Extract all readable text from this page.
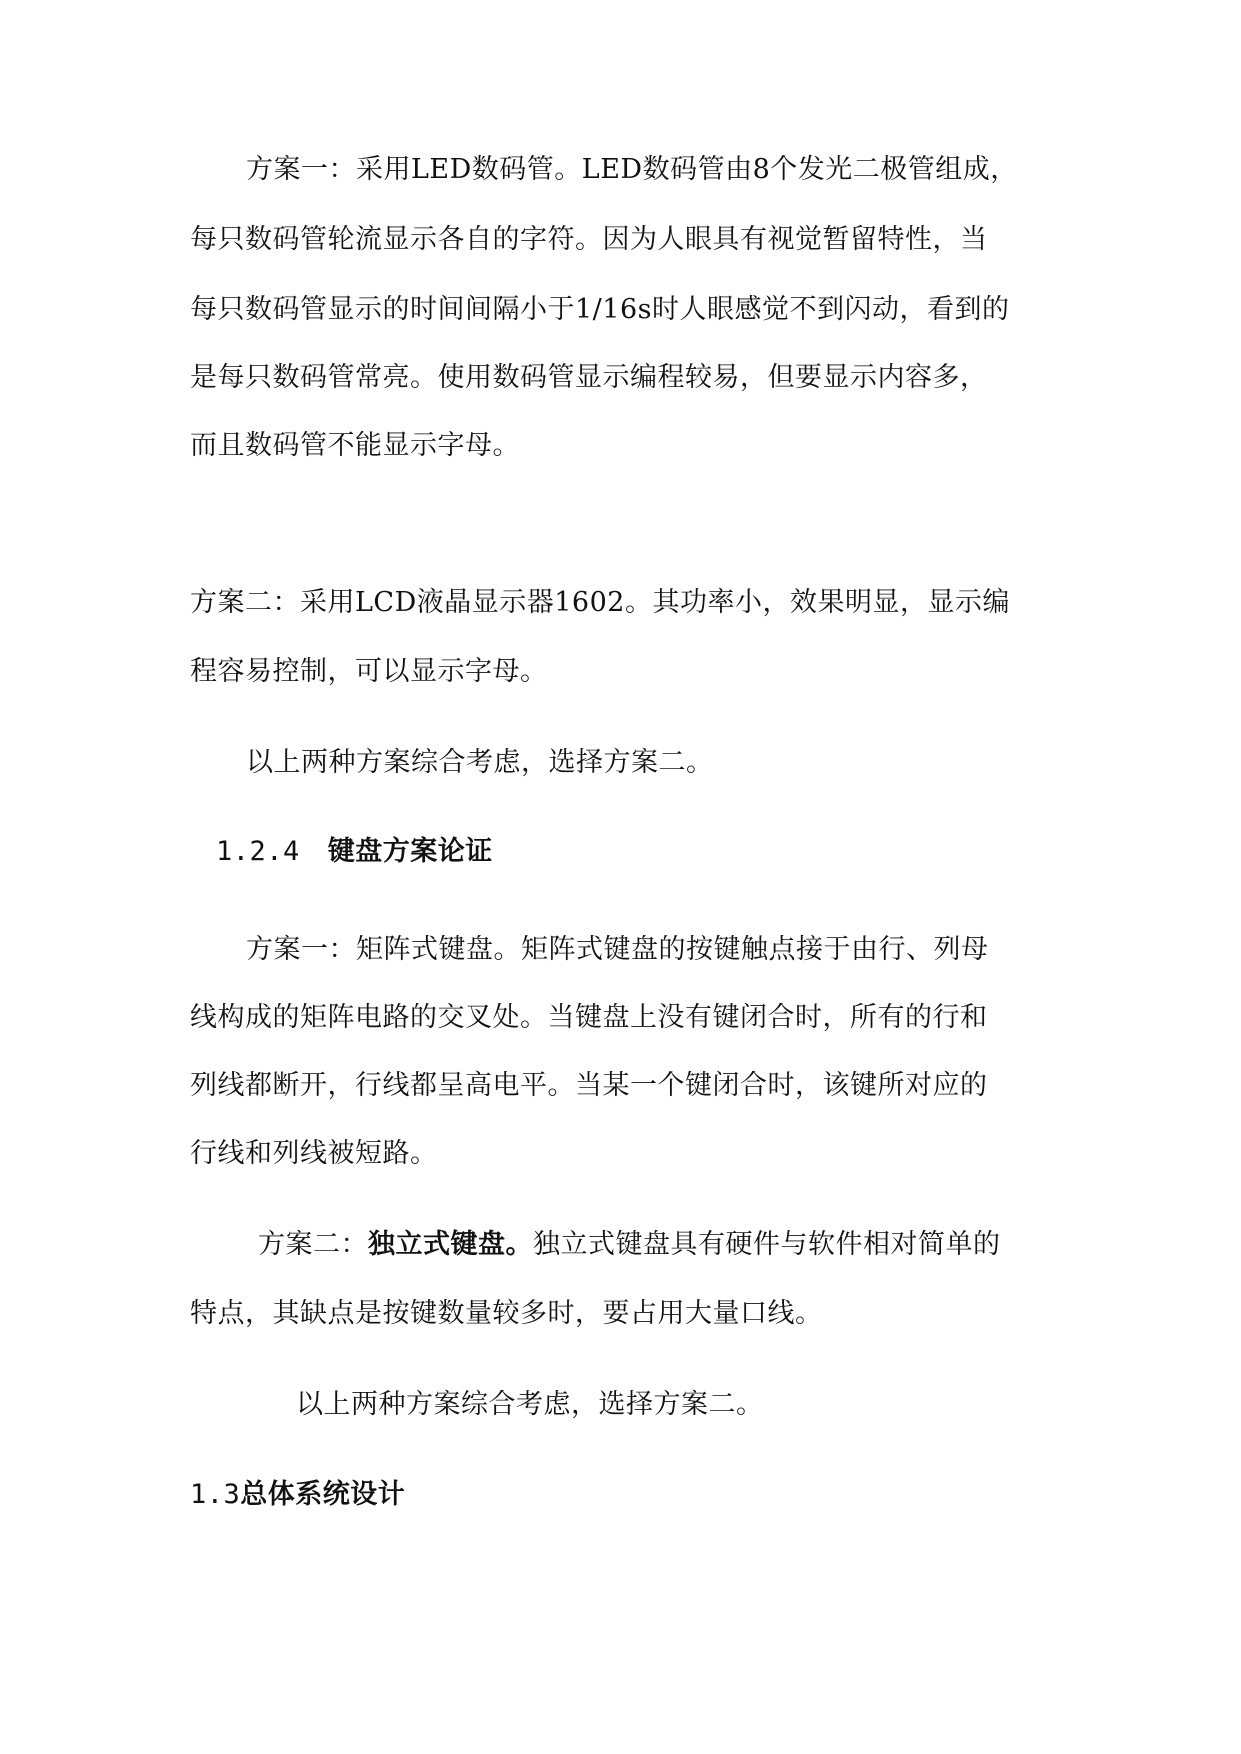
方案一：采用LED数码管。LED数码管由8个发光二极管组成，
每只数码管轮流显示各自的字符。因为人眼具有视觉暂留特性，当
每只数码管显示的时间间隔小于1/16s时人眼感觉不到闪动，看到的
是每只数码管常亮。使用数码管显示编程较易，但要显示内容多，
而且数码管不能显示字母。
方案二：采用LCD液晶显示器1602。其功率小，效果明显，显示编
程容易控制，可以显示字母。
以上两种方案综合考虑，选择方案二。
1.2.4 键盘方案论证
方案一：矩阵式键盘。矩阵式键盘的按键触点接于由行、列母
线构成的矩阵电路的交叉处。当键盘上没有键闭合时，所有的行和
列线都断开，行线都呈高电平。当某一个键闭合时，该键所对应的
行线和列线被短路。
方案二：独立式键盘。独立式键盘具有硬件与软件相对简单的
特点，其缺点是按键数量较多时，要占用大量口线。
以上两种方案综合考虑，选择方案二。
1.3总体系统设计
